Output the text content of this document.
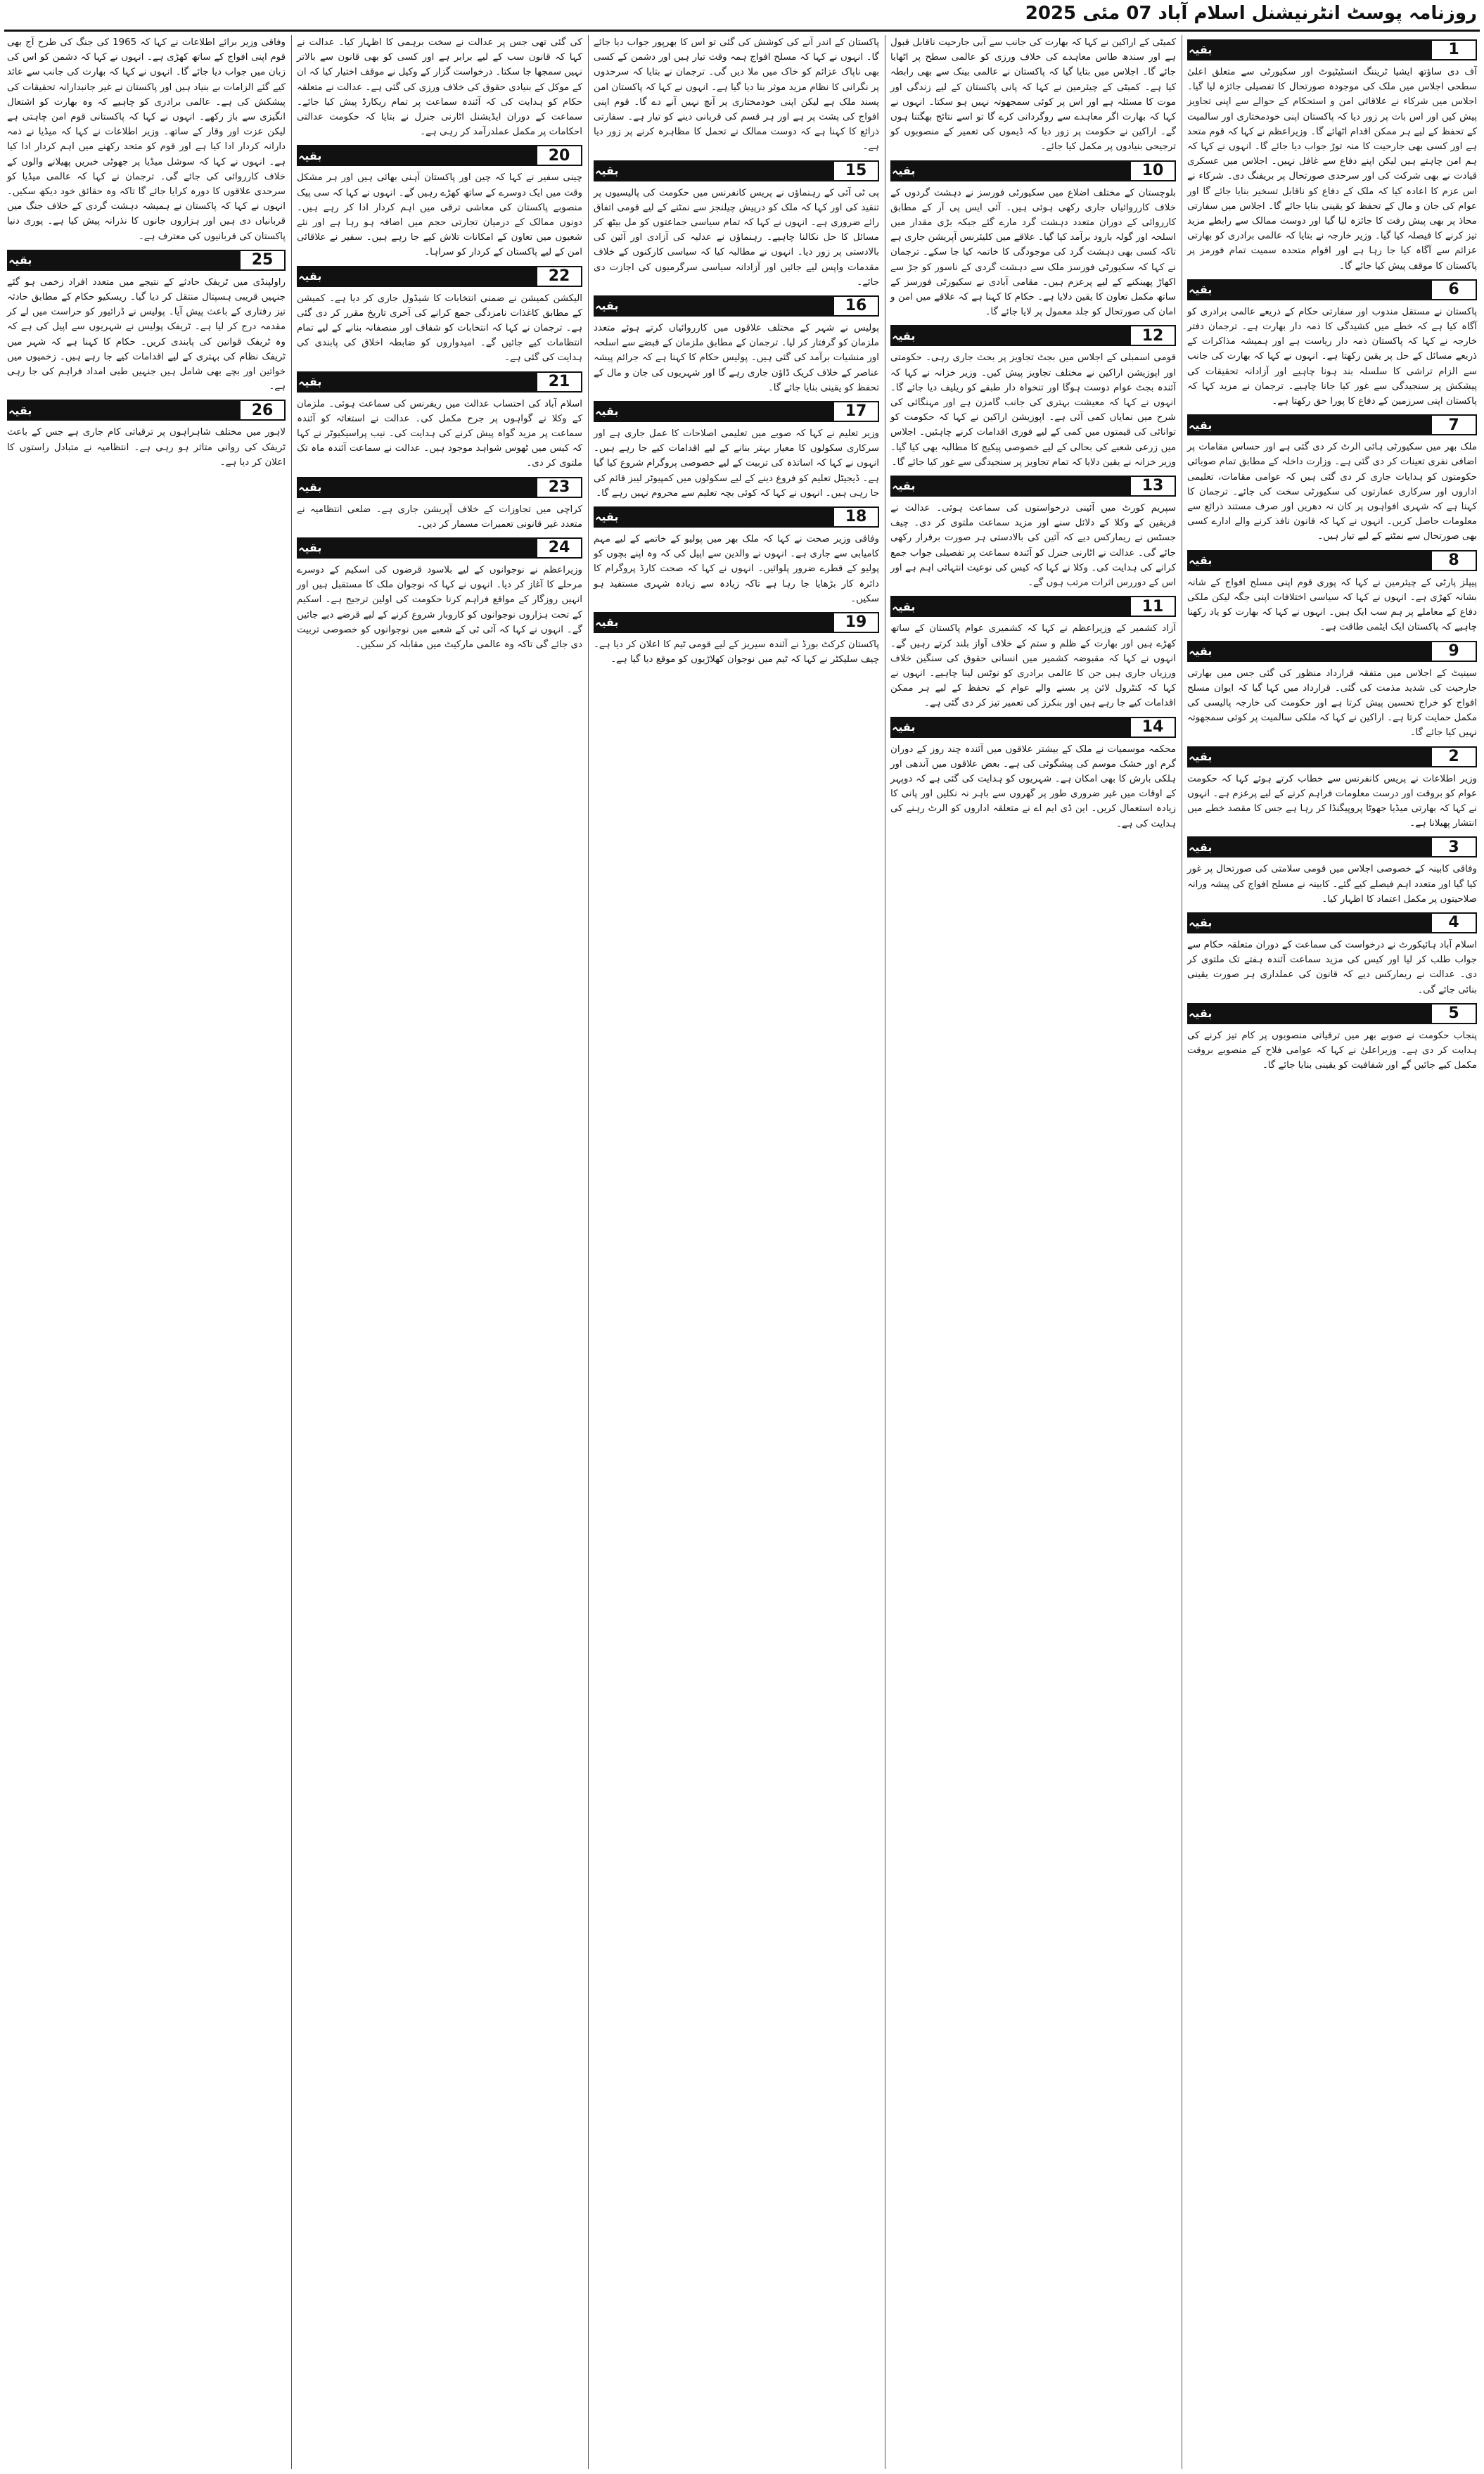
روزنامہ پوسٹ انٹرنیشنل اسلام آباد 07 مئی 2025
1
بقیہ

آف دی ساؤتھ ایشیا ٹریننگ انسٹیٹیوٹ اور سکیورٹی سے متعلق اعلیٰ سطحی اجلاس میں ملک کی موجودہ صورتحال کا تفصیلی جائزہ لیا گیا۔ اجلاس میں شرکاء نے علاقائی امن و استحکام کے حوالے سے اپنی تجاویز پیش کیں اور اس بات پر زور دیا کہ پاکستان اپنی خودمختاری اور سالمیت کے تحفظ کے لیے ہر ممکن اقدام اٹھائے گا۔ وزیراعظم نے کہا کہ قوم متحد ہے اور کسی بھی جارحیت کا منہ توڑ جواب دیا جائے گا۔ انہوں نے کہا کہ ہم امن چاہتے ہیں لیکن اپنے دفاع سے غافل نہیں۔ اجلاس میں عسکری قیادت نے بھی شرکت کی اور سرحدی صورتحال پر بریفنگ دی۔ شرکاء نے اس عزم کا اعادہ کیا کہ ملک کے دفاع کو ناقابل تسخیر بنایا جائے گا اور عوام کی جان و مال کے تحفظ کو یقینی بنایا جائے گا۔ اجلاس میں سفارتی محاذ پر بھی پیش رفت کا جائزہ لیا گیا اور دوست ممالک سے رابطے مزید تیز کرنے کا فیصلہ کیا گیا۔ وزیر خارجہ نے بتایا کہ عالمی برادری کو بھارتی عزائم سے آگاہ کیا جا رہا ہے اور اقوام متحدہ سمیت تمام فورمز پر پاکستان کا موقف پیش کیا جائے گا۔

6
بقیہ

پاکستان نے مستقل مندوب اور سفارتی حکام کے ذریعے عالمی برادری کو آگاہ کیا ہے کہ خطے میں کشیدگی کا ذمہ دار بھارت ہے۔ ترجمان دفتر خارجہ نے کہا کہ پاکستان ذمہ دار ریاست ہے اور ہمیشہ مذاکرات کے ذریعے مسائل کے حل پر یقین رکھتا ہے۔ انہوں نے کہا کہ بھارت کی جانب سے الزام تراشی کا سلسلہ بند ہونا چاہیے اور آزادانہ تحقیقات کی پیشکش پر سنجیدگی سے غور کیا جانا چاہیے۔ ترجمان نے مزید کہا کہ پاکستان اپنی سرزمین کے دفاع کا پورا حق رکھتا ہے۔

7
بقیہ

ملک بھر میں سکیورٹی ہائی الرٹ کر دی گئی ہے اور حساس مقامات پر اضافی نفری تعینات کر دی گئی ہے۔ وزارت داخلہ کے مطابق تمام صوبائی حکومتوں کو ہدایات جاری کر دی گئی ہیں کہ عوامی مقامات، تعلیمی اداروں اور سرکاری عمارتوں کی سکیورٹی سخت کی جائے۔ ترجمان کا کہنا ہے کہ شہری افواہوں پر کان نہ دھریں اور صرف مستند ذرائع سے معلومات حاصل کریں۔ انہوں نے کہا کہ قانون نافذ کرنے والے ادارے کسی بھی صورتحال سے نمٹنے کے لیے تیار ہیں۔

8
بقیہ

پیپلز پارٹی کے چیئرمین نے کہا کہ پوری قوم اپنی مسلح افواج کے شانہ بشانہ کھڑی ہے۔ انہوں نے کہا کہ سیاسی اختلافات اپنی جگہ لیکن ملکی دفاع کے معاملے پر ہم سب ایک ہیں۔ انہوں نے کہا کہ بھارت کو یاد رکھنا چاہیے کہ پاکستان ایک ایٹمی طاقت ہے۔

9
بقیہ

سینیٹ کے اجلاس میں متفقہ قرارداد منظور کی گئی جس میں بھارتی جارحیت کی شدید مذمت کی گئی۔ قرارداد میں کہا گیا کہ ایوان مسلح افواج کو خراج تحسین پیش کرتا ہے اور حکومت کی خارجہ پالیسی کی مکمل حمایت کرتا ہے۔ اراکین نے کہا کہ ملکی سالمیت پر کوئی سمجھوتہ نہیں کیا جائے گا۔

2
بقیہ

وزیر اطلاعات نے پریس کانفرنس سے خطاب کرتے ہوئے کہا کہ حکومت عوام کو بروقت اور درست معلومات فراہم کرنے کے لیے پرعزم ہے۔ انہوں نے کہا کہ بھارتی میڈیا جھوٹا پروپیگنڈا کر رہا ہے جس کا مقصد خطے میں انتشار پھیلانا ہے۔

3
بقیہ

وفاقی کابینہ کے خصوصی اجلاس میں قومی سلامتی کی صورتحال پر غور کیا گیا اور متعدد اہم فیصلے کیے گئے۔ کابینہ نے مسلح افواج کی پیشہ ورانہ صلاحیتوں پر مکمل اعتماد کا اظہار کیا۔

4
بقیہ

اسلام آباد ہائیکورٹ نے درخواست کی سماعت کے دوران متعلقہ حکام سے جواب طلب کر لیا اور کیس کی مزید سماعت آئندہ ہفتے تک ملتوی کر دی۔ عدالت نے ریمارکس دیے کہ قانون کی عملداری ہر صورت یقینی بنائی جائے گی۔

5
بقیہ

پنجاب حکومت نے صوبے بھر میں ترقیاتی منصوبوں پر کام تیز کرنے کی ہدایت کر دی ہے۔ وزیراعلیٰ نے کہا کہ عوامی فلاح کے منصوبے بروقت مکمل کیے جائیں گے اور شفافیت کو یقینی بنایا جائے گا۔

کمیٹی کے اراکین نے کہا کہ بھارت کی جانب سے آبی جارحیت ناقابل قبول ہے اور سندھ طاس معاہدے کی خلاف ورزی کو عالمی سطح پر اٹھایا جائے گا۔ اجلاس میں بتایا گیا کہ پاکستان نے عالمی بینک سے بھی رابطہ کیا ہے۔ کمیٹی کے چیئرمین نے کہا کہ پانی پاکستان کے لیے زندگی اور موت کا مسئلہ ہے اور اس پر کوئی سمجھوتہ نہیں ہو سکتا۔ انہوں نے کہا کہ بھارت اگر معاہدے سے روگردانی کرے گا تو اسے نتائج بھگتنا ہوں گے۔ اراکین نے حکومت پر زور دیا کہ ڈیموں کی تعمیر کے منصوبوں کو ترجیحی بنیادوں پر مکمل کیا جائے۔

10
بقیہ

بلوچستان کے مختلف اضلاع میں سکیورٹی فورسز نے دہشت گردوں کے خلاف کارروائیاں جاری رکھی ہوئی ہیں۔ آئی ایس پی آر کے مطابق کارروائی کے دوران متعدد دہشت گرد مارے گئے جبکہ بڑی مقدار میں اسلحہ اور گولہ بارود برآمد کیا گیا۔ علاقے میں کلیئرنس آپریشن جاری ہے تاکہ کسی بھی دہشت گرد کی موجودگی کا خاتمہ کیا جا سکے۔ ترجمان نے کہا کہ سکیورٹی فورسز ملک سے دہشت گردی کے ناسور کو جڑ سے اکھاڑ پھینکنے کے لیے پرعزم ہیں۔ مقامی آبادی نے سکیورٹی فورسز کے ساتھ مکمل تعاون کا یقین دلایا ہے۔ حکام کا کہنا ہے کہ علاقے میں امن و امان کی صورتحال کو جلد معمول پر لایا جائے گا۔

12
بقیہ

قومی اسمبلی کے اجلاس میں بجٹ تجاویز پر بحث جاری رہی۔ حکومتی اور اپوزیشن اراکین نے مختلف تجاویز پیش کیں۔ وزیر خزانہ نے کہا کہ آئندہ بجٹ عوام دوست ہوگا اور تنخواہ دار طبقے کو ریلیف دیا جائے گا۔ انہوں نے کہا کہ معیشت بہتری کی جانب گامزن ہے اور مہنگائی کی شرح میں نمایاں کمی آئی ہے۔ اپوزیشن اراکین نے کہا کہ حکومت کو توانائی کی قیمتوں میں کمی کے لیے فوری اقدامات کرنے چاہئیں۔ اجلاس میں زرعی شعبے کی بحالی کے لیے خصوصی پیکیج کا مطالبہ بھی کیا گیا۔ وزیر خزانہ نے یقین دلایا کہ تمام تجاویز پر سنجیدگی سے غور کیا جائے گا۔

13
بقیہ

سپریم کورٹ میں آئینی درخواستوں کی سماعت ہوئی۔ عدالت نے فریقین کے وکلا کے دلائل سنے اور مزید سماعت ملتوی کر دی۔ چیف جسٹس نے ریمارکس دیے کہ آئین کی بالادستی ہر صورت برقرار رکھی جائے گی۔ عدالت نے اٹارنی جنرل کو آئندہ سماعت پر تفصیلی جواب جمع کرانے کی ہدایت کی۔ وکلا نے کہا کہ کیس کی نوعیت انتہائی اہم ہے اور اس کے دوررس اثرات مرتب ہوں گے۔

11
بقیہ

آزاد کشمیر کے وزیراعظم نے کہا کہ کشمیری عوام پاکستان کے ساتھ کھڑے ہیں اور بھارت کے ظلم و ستم کے خلاف آواز بلند کرتے رہیں گے۔ انہوں نے کہا کہ مقبوضہ کشمیر میں انسانی حقوق کی سنگین خلاف ورزیاں جاری ہیں جن کا عالمی برادری کو نوٹس لینا چاہیے۔ انہوں نے کہا کہ کنٹرول لائن پر بسنے والے عوام کے تحفظ کے لیے ہر ممکن اقدامات کیے جا رہے ہیں اور بنکرز کی تعمیر تیز کر دی گئی ہے۔

14
بقیہ

محکمہ موسمیات نے ملک کے بیشتر علاقوں میں آئندہ چند روز کے دوران گرم اور خشک موسم کی پیشگوئی کی ہے۔ بعض علاقوں میں آندھی اور ہلکی بارش کا بھی امکان ہے۔ شہریوں کو ہدایت کی گئی ہے کہ دوپہر کے اوقات میں غیر ضروری طور پر گھروں سے باہر نہ نکلیں اور پانی کا زیادہ استعمال کریں۔ این ڈی ایم اے نے متعلقہ اداروں کو الرٹ رہنے کی ہدایت کی ہے۔

پاکستان کے اندر آنے کی کوشش کی گئی تو اس کا بھرپور جواب دیا جائے گا۔ انہوں نے کہا کہ مسلح افواج ہمہ وقت تیار ہیں اور دشمن کے کسی بھی ناپاک عزائم کو خاک میں ملا دیں گی۔ ترجمان نے بتایا کہ سرحدوں پر نگرانی کا نظام مزید موثر بنا دیا گیا ہے۔ انہوں نے کہا کہ پاکستان امن پسند ملک ہے لیکن اپنی خودمختاری پر آنچ نہیں آنے دے گا۔ قوم اپنی افواج کی پشت پر ہے اور ہر قسم کی قربانی دینے کو تیار ہے۔ سفارتی ذرائع کا کہنا ہے کہ دوست ممالک نے تحمل کا مظاہرہ کرنے پر زور دیا ہے۔

15
بقیہ

پی ٹی آئی کے رہنماؤں نے پریس کانفرنس میں حکومت کی پالیسیوں پر تنقید کی اور کہا کہ ملک کو درپیش چیلنجز سے نمٹنے کے لیے قومی اتفاق رائے ضروری ہے۔ انہوں نے کہا کہ تمام سیاسی جماعتوں کو مل بیٹھ کر مسائل کا حل نکالنا چاہیے۔ رہنماؤں نے عدلیہ کی آزادی اور آئین کی بالادستی پر زور دیا۔ انہوں نے مطالبہ کیا کہ سیاسی کارکنوں کے خلاف مقدمات واپس لیے جائیں اور آزادانہ سیاسی سرگرمیوں کی اجازت دی جائے۔

16
بقیہ

پولیس نے شہر کے مختلف علاقوں میں کارروائیاں کرتے ہوئے متعدد ملزمان کو گرفتار کر لیا۔ ترجمان کے مطابق ملزمان کے قبضے سے اسلحہ اور منشیات برآمد کی گئی ہیں۔ پولیس حکام کا کہنا ہے کہ جرائم پیشہ عناصر کے خلاف کریک ڈاؤن جاری رہے گا اور شہریوں کی جان و مال کے تحفظ کو یقینی بنایا جائے گا۔

17
بقیہ

وزیر تعلیم نے کہا کہ صوبے میں تعلیمی اصلاحات کا عمل جاری ہے اور سرکاری سکولوں کا معیار بہتر بنانے کے لیے اقدامات کیے جا رہے ہیں۔ انہوں نے کہا کہ اساتذہ کی تربیت کے لیے خصوصی پروگرام شروع کیا گیا ہے۔ ڈیجیٹل تعلیم کو فروغ دینے کے لیے سکولوں میں کمپیوٹر لیبز قائم کی جا رہی ہیں۔ انہوں نے کہا کہ کوئی بچہ تعلیم سے محروم نہیں رہے گا۔

18
بقیہ

وفاقی وزیر صحت نے کہا کہ ملک بھر میں پولیو کے خاتمے کے لیے مہم کامیابی سے جاری ہے۔ انہوں نے والدین سے اپیل کی کہ وہ اپنے بچوں کو پولیو کے قطرے ضرور پلوائیں۔ انہوں نے کہا کہ صحت کارڈ پروگرام کا دائرہ کار بڑھایا جا رہا ہے تاکہ زیادہ سے زیادہ شہری مستفید ہو سکیں۔

19
بقیہ

پاکستان کرکٹ بورڈ نے آئندہ سیریز کے لیے قومی ٹیم کا اعلان کر دیا ہے۔ چیف سلیکٹر نے کہا کہ ٹیم میں نوجوان کھلاڑیوں کو موقع دیا گیا ہے۔

کی گئی تھی جس پر عدالت نے سخت برہمی کا اظہار کیا۔ عدالت نے کہا کہ قانون سب کے لیے برابر ہے اور کسی کو بھی قانون سے بالاتر نہیں سمجھا جا سکتا۔ درخواست گزار کے وکیل نے موقف اختیار کیا کہ ان کے موکل کے بنیادی حقوق کی خلاف ورزی کی گئی ہے۔ عدالت نے متعلقہ حکام کو ہدایت کی کہ آئندہ سماعت پر تمام ریکارڈ پیش کیا جائے۔ سماعت کے دوران ایڈیشنل اٹارنی جنرل نے بتایا کہ حکومت عدالتی احکامات پر مکمل عملدرآمد کر رہی ہے۔

20
بقیہ

چینی سفیر نے کہا کہ چین اور پاکستان آہنی بھائی ہیں اور ہر مشکل وقت میں ایک دوسرے کے ساتھ کھڑے رہیں گے۔ انہوں نے کہا کہ سی پیک منصوبے پاکستان کی معاشی ترقی میں اہم کردار ادا کر رہے ہیں۔ دونوں ممالک کے درمیان تجارتی حجم میں اضافہ ہو رہا ہے اور نئے شعبوں میں تعاون کے امکانات تلاش کیے جا رہے ہیں۔ سفیر نے علاقائی امن کے لیے پاکستان کے کردار کو سراہا۔

22
بقیہ

الیکشن کمیشن نے ضمنی انتخابات کا شیڈول جاری کر دیا ہے۔ کمیشن کے مطابق کاغذات نامزدگی جمع کرانے کی آخری تاریخ مقرر کر دی گئی ہے۔ ترجمان نے کہا کہ انتخابات کو شفاف اور منصفانہ بنانے کے لیے تمام انتظامات کیے جائیں گے۔ امیدواروں کو ضابطہ اخلاق کی پابندی کی ہدایت کی گئی ہے۔

21
بقیہ

اسلام آباد کی احتساب عدالت میں ریفرنس کی سماعت ہوئی۔ ملزمان کے وکلا نے گواہوں پر جرح مکمل کی۔ عدالت نے استغاثہ کو آئندہ سماعت پر مزید گواہ پیش کرنے کی ہدایت کی۔ نیب پراسیکیوٹر نے کہا کہ کیس میں ٹھوس شواہد موجود ہیں۔ عدالت نے سماعت آئندہ ماہ تک ملتوی کر دی۔

23
بقیہ

کراچی میں تجاوزات کے خلاف آپریشن جاری ہے۔ ضلعی انتظامیہ نے متعدد غیر قانونی تعمیرات مسمار کر دیں۔

24
بقیہ

وزیراعظم نے نوجوانوں کے لیے بلاسود قرضوں کی اسکیم کے دوسرے مرحلے کا آغاز کر دیا۔ انہوں نے کہا کہ نوجوان ملک کا مستقبل ہیں اور انہیں روزگار کے مواقع فراہم کرنا حکومت کی اولین ترجیح ہے۔ اسکیم کے تحت ہزاروں نوجوانوں کو کاروبار شروع کرنے کے لیے قرضے دیے جائیں گے۔ انہوں نے کہا کہ آئی ٹی کے شعبے میں نوجوانوں کو خصوصی تربیت دی جائے گی تاکہ وہ عالمی مارکیٹ میں مقابلہ کر سکیں۔

وفاقی وزیر برائے اطلاعات نے کہا کہ 1965 کی جنگ کی طرح آج بھی قوم اپنی افواج کے ساتھ کھڑی ہے۔ انہوں نے کہا کہ دشمن کو اس کی زبان میں جواب دیا جائے گا۔ انہوں نے کہا کہ بھارت کی جانب سے عائد کیے گئے الزامات بے بنیاد ہیں اور پاکستان نے غیر جانبدارانہ تحقیقات کی پیشکش کی ہے۔ عالمی برادری کو چاہیے کہ وہ بھارت کو اشتعال انگیزی سے باز رکھے۔ انہوں نے کہا کہ پاکستانی قوم امن چاہتی ہے لیکن عزت اور وقار کے ساتھ۔ وزیر اطلاعات نے کہا کہ میڈیا نے ذمہ دارانہ کردار ادا کیا ہے اور قوم کو متحد رکھنے میں اہم کردار ادا کیا ہے۔ انہوں نے کہا کہ سوشل میڈیا پر جھوٹی خبریں پھیلانے والوں کے خلاف کارروائی کی جائے گی۔ ترجمان نے کہا کہ عالمی میڈیا کو سرحدی علاقوں کا دورہ کرایا جائے گا تاکہ وہ حقائق خود دیکھ سکیں۔ انہوں نے کہا کہ پاکستان نے ہمیشہ دہشت گردی کے خلاف جنگ میں قربانیاں دی ہیں اور ہزاروں جانوں کا نذرانہ پیش کیا ہے۔ پوری دنیا پاکستان کی قربانیوں کی معترف ہے۔

25
بقیہ

راولپنڈی میں ٹریفک حادثے کے نتیجے میں متعدد افراد زخمی ہو گئے جنہیں قریبی ہسپتال منتقل کر دیا گیا۔ ریسکیو حکام کے مطابق حادثہ تیز رفتاری کے باعث پیش آیا۔ پولیس نے ڈرائیور کو حراست میں لے کر مقدمہ درج کر لیا ہے۔ ٹریفک پولیس نے شہریوں سے اپیل کی ہے کہ وہ ٹریفک قوانین کی پابندی کریں۔ حکام کا کہنا ہے کہ شہر میں ٹریفک نظام کی بہتری کے لیے اقدامات کیے جا رہے ہیں۔ زخمیوں میں خواتین اور بچے بھی شامل ہیں جنہیں طبی امداد فراہم کی جا رہی ہے۔

26
بقیہ

لاہور میں مختلف شاہراہوں پر ترقیاتی کام جاری ہے جس کے باعث ٹریفک کی روانی متاثر ہو رہی ہے۔ انتظامیہ نے متبادل راستوں کا اعلان کر دیا ہے۔
